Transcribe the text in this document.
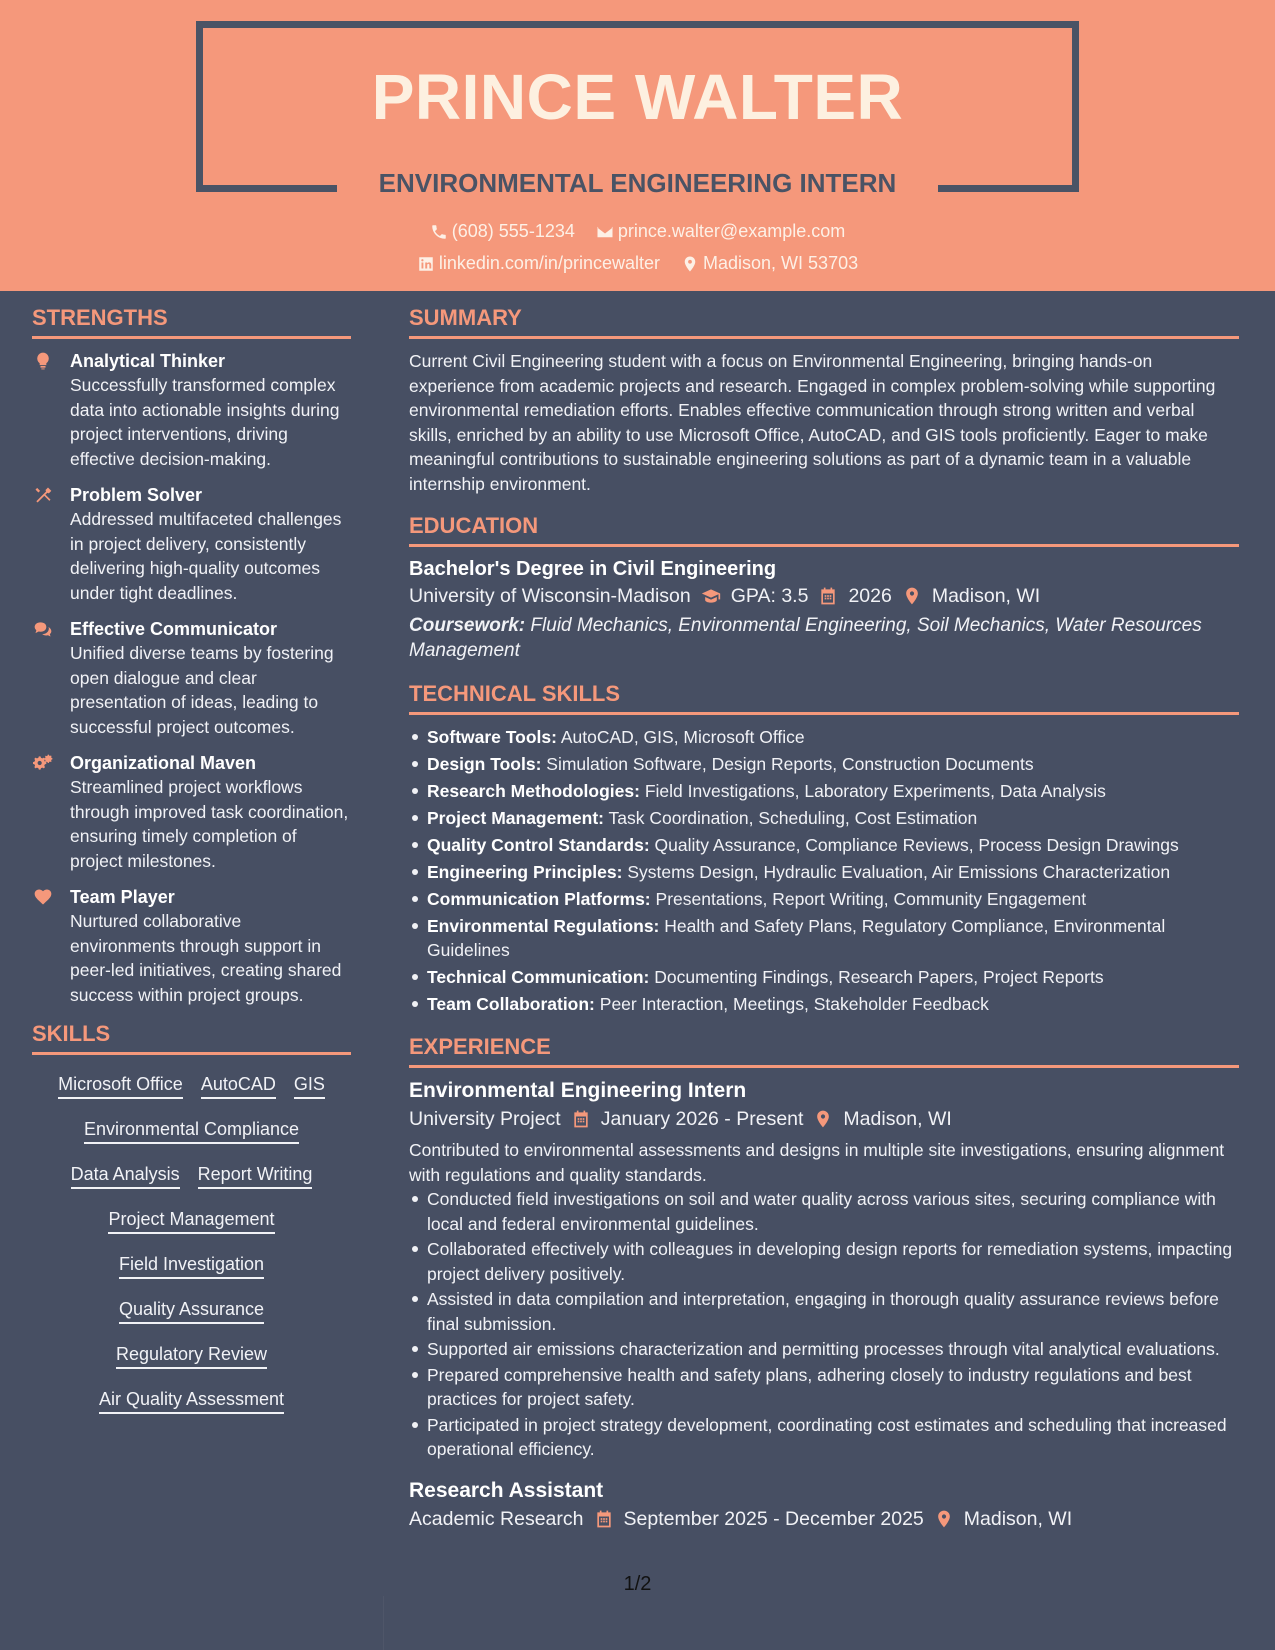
PRINCE WALTER
ENVIRONMENTAL ENGINEERING INTERN
(608) 555-1234
prince.walter@example.com
linkedin.com/in/princewalter
Madison, WI 53703
STRENGTHS
Analytical Thinker
Successfully transformed complex data into actionable insights during project interventions, driving effective decision-making.
Problem Solver
Addressed multifaceted challenges in project delivery, consistently delivering high-quality outcomes under tight deadlines.
Effective Communicator
Unified diverse teams by fostering open dialogue and clear presentation of ideas, leading to successful project outcomes.
Organizational Maven
Streamlined project workflows through improved task coordination, ensuring timely completion of project milestones.
Team Player
Nurtured collaborative environments through support in peer-led initiatives, creating shared success within project groups.
SKILLS
Microsoft Office AutoCAD GIS
Environmental Compliance
Data Analysis Report Writing
Project Management
Field Investigation
Quality Assurance
Regulatory Review
Air Quality Assessment
SUMMARY
Current Civil Engineering student with a focus on Environmental Engineering, bringing hands-on experience from academic projects and research. Engaged in complex problem-solving while supporting environmental remediation efforts. Enables effective communication through strong written and verbal skills, enriched by an ability to use Microsoft Office, AutoCAD, and GIS tools proficiently. Eager to make meaningful contributions to sustainable engineering solutions as part of a dynamic team in a valuable internship environment.
EDUCATION
Bachelor's Degree in Civil Engineering
University of Wisconsin-Madison GPA: 3.5 2026 Madison, WI
Coursework: Fluid Mechanics, Environmental Engineering, Soil Mechanics, Water Resources Management
TECHNICAL SKILLS
Software Tools: AutoCAD, GIS, Microsoft Office
Design Tools: Simulation Software, Design Reports, Construction Documents
Research Methodologies: Field Investigations, Laboratory Experiments, Data Analysis
Project Management: Task Coordination, Scheduling, Cost Estimation
Quality Control Standards: Quality Assurance, Compliance Reviews, Process Design Drawings
Engineering Principles: Systems Design, Hydraulic Evaluation, Air Emissions Characterization
Communication Platforms: Presentations, Report Writing, Community Engagement
Environmental Regulations: Health and Safety Plans, Regulatory Compliance, Environmental Guidelines
Technical Communication: Documenting Findings, Research Papers, Project Reports
Team Collaboration: Peer Interaction, Meetings, Stakeholder Feedback
EXPERIENCE
Environmental Engineering Intern
University Project January 2026 - Present Madison, WI
Contributed to environmental assessments and designs in multiple site investigations, ensuring alignment with regulations and quality standards.
Conducted field investigations on soil and water quality across various sites, securing compliance with local and federal environmental guidelines.
Collaborated effectively with colleagues in developing design reports for remediation systems, impacting project delivery positively.
Assisted in data compilation and interpretation, engaging in thorough quality assurance reviews before final submission.
Supported air emissions characterization and permitting processes through vital analytical evaluations.
Prepared comprehensive health and safety plans, adhering closely to industry regulations and best practices for project safety.
Participated in project strategy development, coordinating cost estimates and scheduling that increased operational efficiency.
Research Assistant
Academic Research September 2025 - December 2025 Madison, WI
1/2
